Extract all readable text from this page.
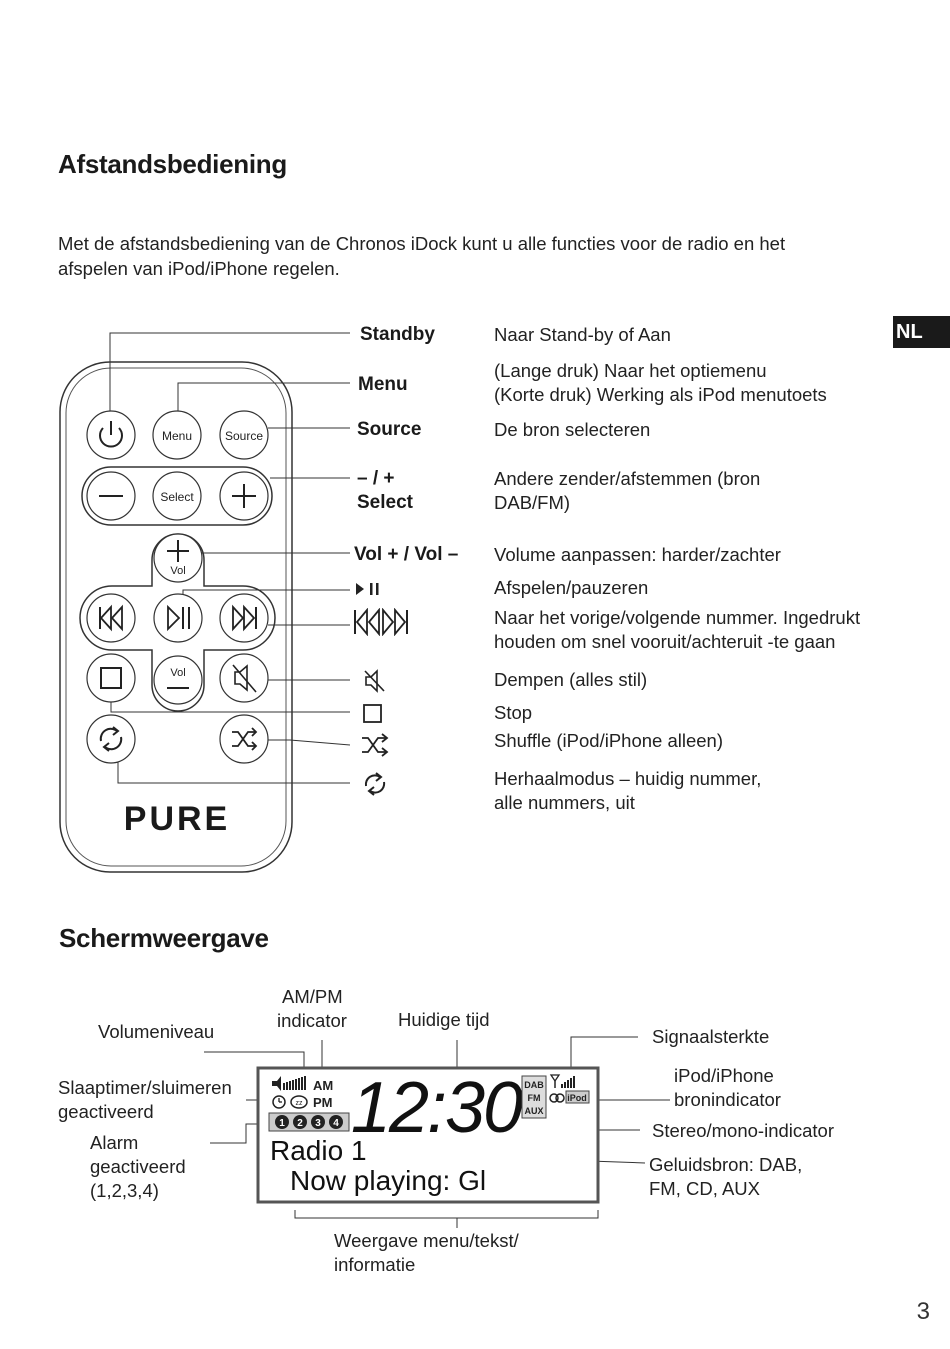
Afstandsbediening
Met de afstandsbediening van de Chronos iDock kunt u alle functies voor de radio en het afspelen van iPod/iPhone regelen.
NL
Menu	Source
Select
Vol
Vol
PURE
Standby
Menu
Source
– / +
Select
Vol + / Vol –
Naar Stand-by of Aan
(Lange druk) Naar het optiemenu
(Korte druk) Werking als iPod menutoets
De bron selecteren
Andere zender/afstemmen (bron
DAB/FM)
Volume aanpassen: harder/zachter
Afspelen/pauzeren
Naar het vorige/volgende nummer. Ingedrukt
houden om snel vooruit/achteruit -te gaan
Dempen (alles stil)
Stop
Shuffle (iPod/iPhone alleen)
Herhaalmodus – huidig nummer,
alle nummers, uit
Schermweergave
AM
PM
zz
1 2 3 4 12:30 DAB
FM
AUX
iPod
Radio 1
Now playing: Gl
Volumeniveau
AM/PM
indicator	Huidige tijd
Signaalsterkte
Slaaptimer/sluimeren
geactiveerd
Alarm
geactiveerd
(1,2,3,4)
iPod/iPhone
bronindicator
Stereo/mono-indicator
Geluidsbron: DAB,
FM, CD, AUX
Weergave menu/tekst/
informatie
3
